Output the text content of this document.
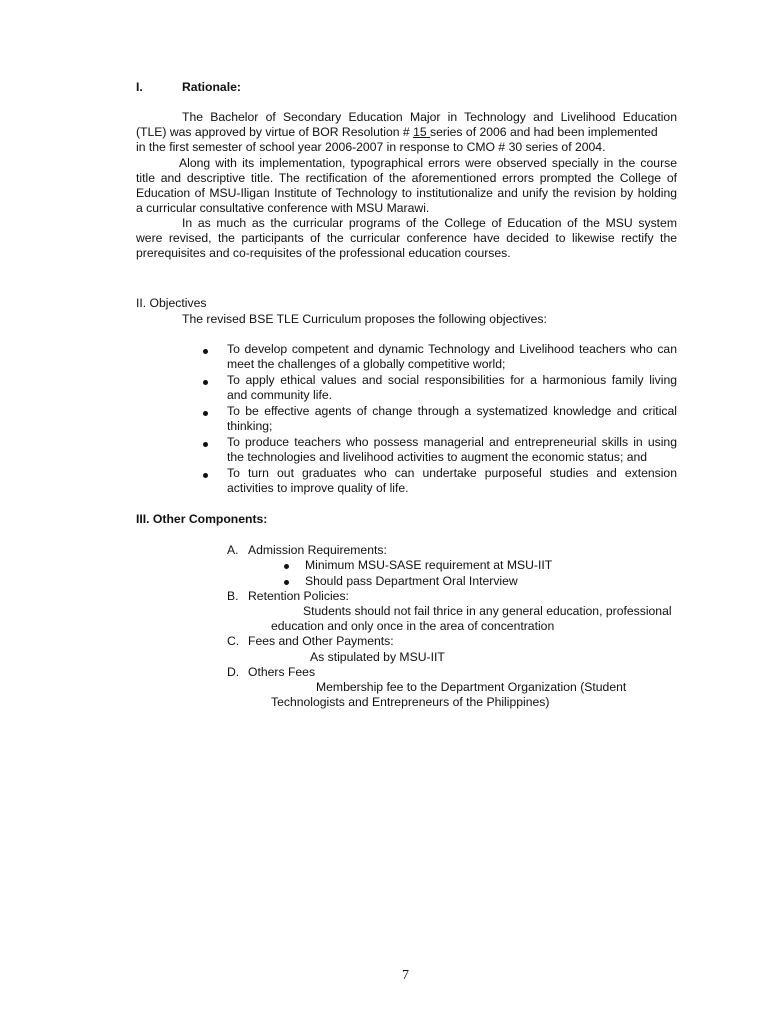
I.	Rationale:
The Bachelor of Secondary Education Major in Technology and Livelihood Education
(TLE) was approved by virtue of BOR Resolution # 15 series of 2006 and had been implemented
in the first semester of school year 2006-2007 in response to CMO # 30 series of 2004.
Along with its implementation, typographical errors were observed specially in the course
title and descriptive title. The rectification of the aforementioned errors prompted the College of
Education of MSU-Iligan Institute of Technology to institutionalize and unify the revision by holding
a curricular consultative conference with MSU Marawi.
In as much as the curricular programs of the College of Education of the MSU system
were revised, the participants of the curricular conference have decided to likewise rectify the
prerequisites and co-requisites of the professional education courses.
II. Objectives
The revised BSE TLE Curriculum proposes the following objectives:
To develop competent and dynamic Technology and Livelihood teachers who can
meet the challenges of a globally competitive world;
To apply ethical values and social responsibilities for a harmonious family living
and community life.
To be effective agents of change through a systematized knowledge and critical
thinking;
To produce teachers who possess managerial and entrepreneurial skills in using
the technologies and livelihood activities to augment the economic status; and
To turn out graduates who can undertake purposeful studies and extension
activities to improve quality of life.
III. Other Components:
A. Admission Requirements:
Minimum MSU-SASE requirement at MSU-IIT
Should pass Department Oral Interview
B. Retention Policies:
Students should not fail thrice in any general education, professional
education and only once in the area of concentration
C. Fees and Other Payments:
As stipulated by MSU-IIT
D. Others Fees
Membership fee to the Department Organization (Student
Technologists and Entrepreneurs of the Philippines)
7
